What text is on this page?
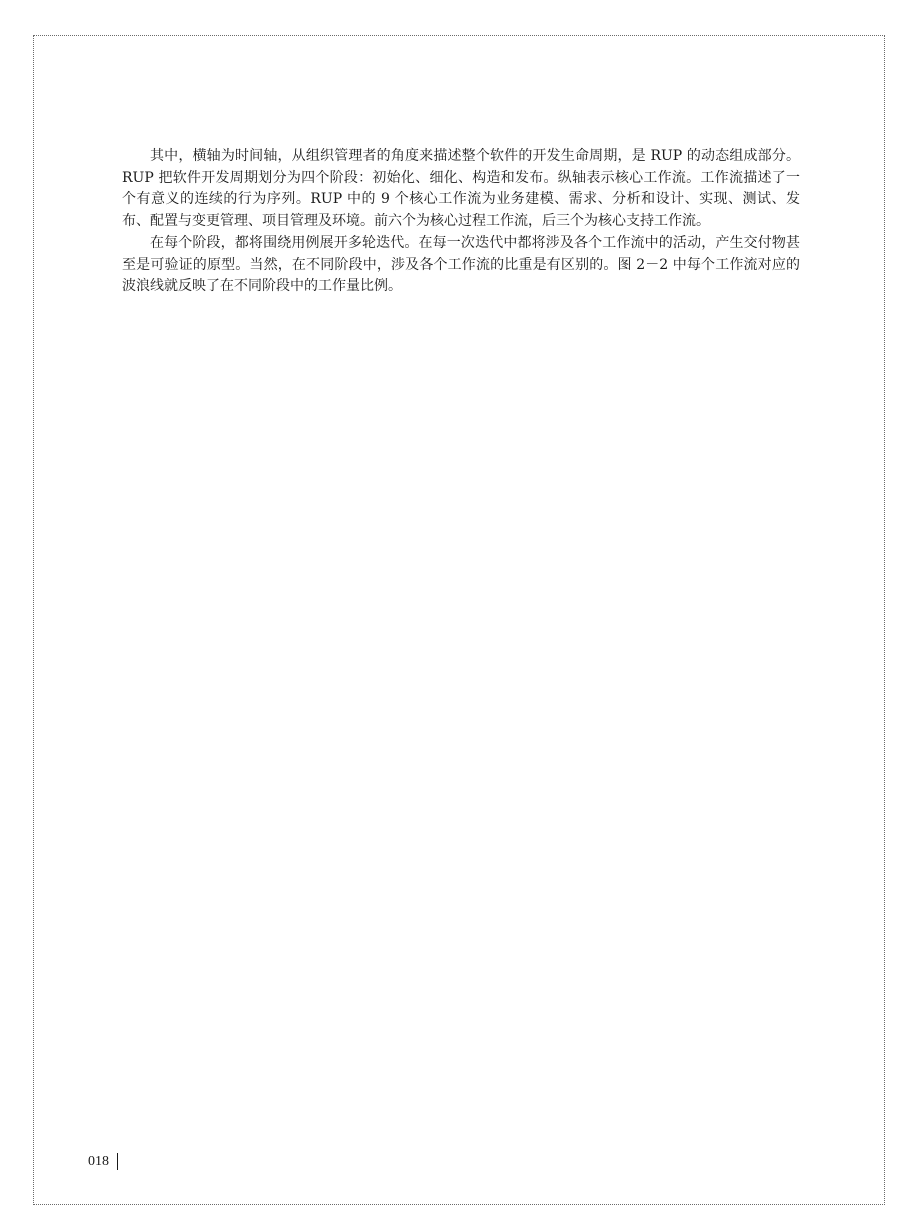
其中，横轴为时间轴，从组织管理者的角度来描述整个软件的开发生命周期，是 RUP 的动态组成部分。RUP 把软件开发周期划分为四个阶段：初始化、细化、构造和发布。纵轴表示核心工作流。工作流描述了一个有意义的连续的行为序列。RUP 中的 9 个核心工作流为业务建模、需求、分析和设计、实现、测试、发布、配置与变更管理、项目管理及环境。前六个为核心过程工作流，后三个为核心支持工作流。

在每个阶段，都将围绕用例展开多轮迭代。在每一次迭代中都将涉及各个工作流中的活动，产生交付物甚至是可验证的原型。当然，在不同阶段中，涉及各个工作流的比重是有区别的。图 2－2 中每个工作流对应的波浪线就反映了在不同阶段中的工作量比例。

018
